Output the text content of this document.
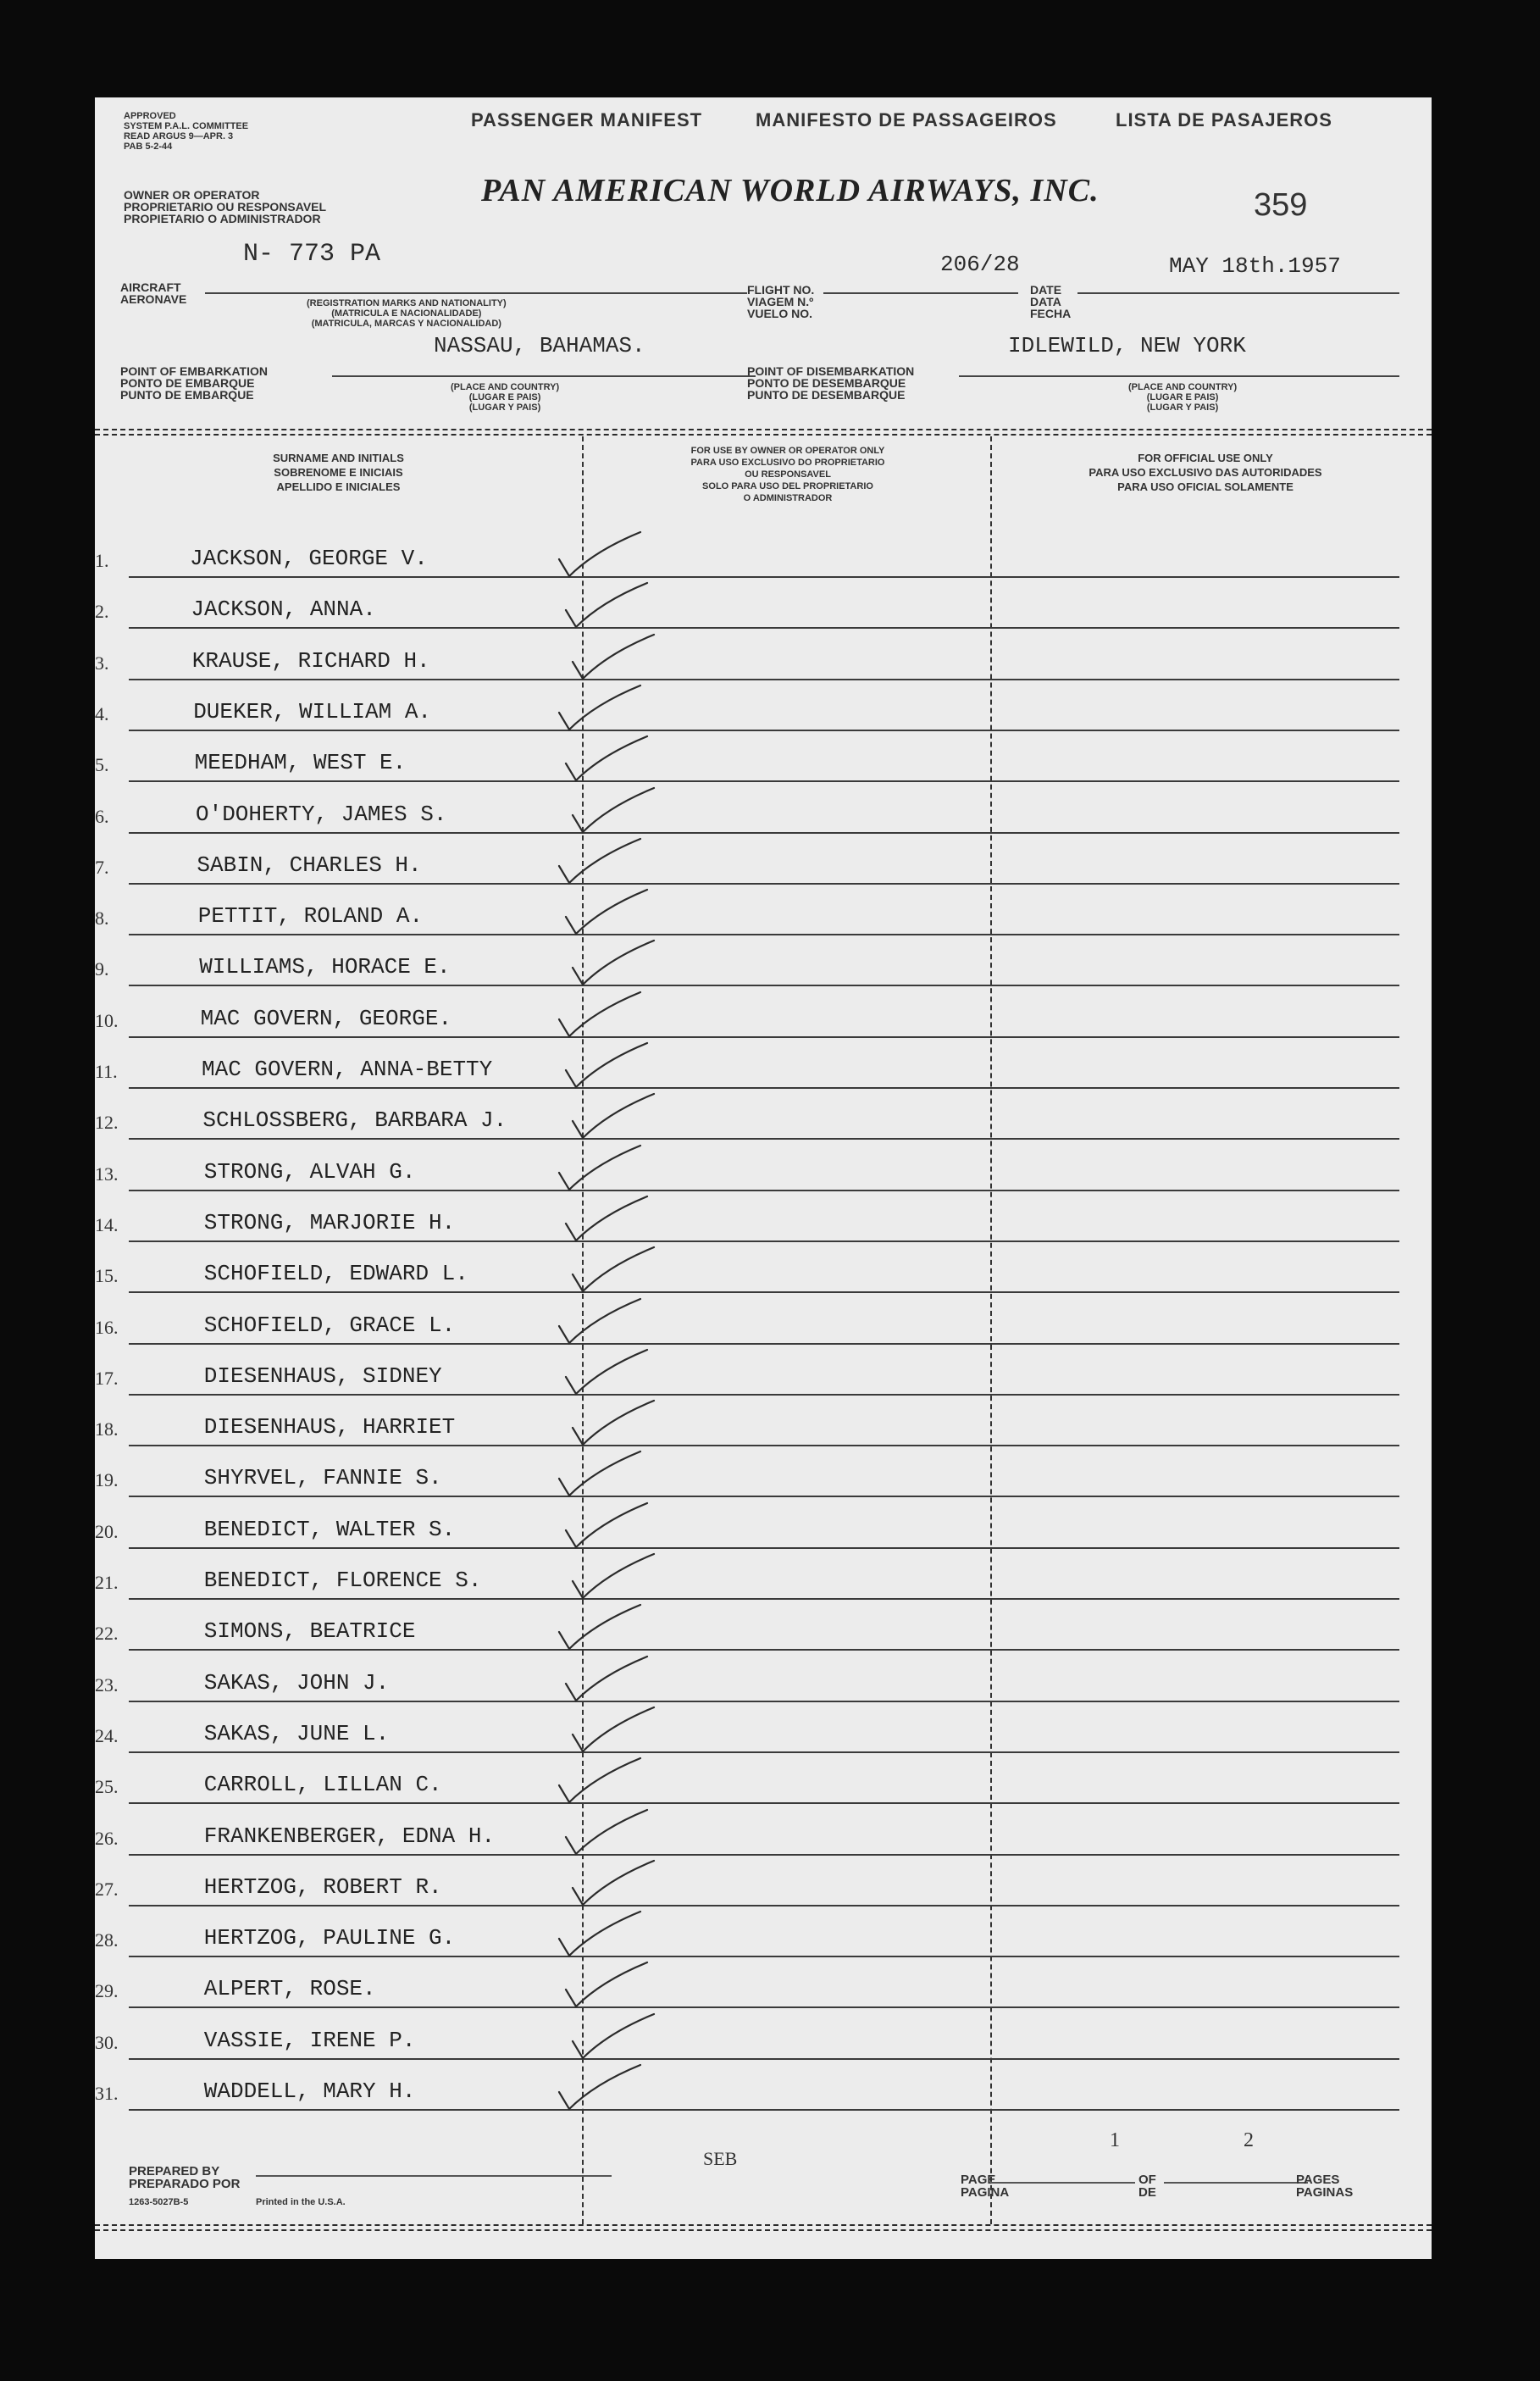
APPROVED
SYSTEM P.A.L. COMMITTEE
READ ARGUS 9—APR. 3
PAB 5-2-44
PASSENGER MANIFEST	MANIFESTO DE PASSAGEIROS	LISTA DE PASAJEROS
OWNER OR OPERATOR
PROPRIETARIO OU RESPONSAVEL
PROPIETARIO O ADMINISTRADOR
PAN AMERICAN WORLD AIRWAYS, INC.	359
AIRCRAFT
AERONAVE
N- 773 PA
(REGISTRATION MARKS AND NATIONALITY)
(MATRICULA E NACIONALIDADE)
(MATRICULA, MARCAS Y NACIONALIDAD)
FLIGHT NO.
VIAGEM N.º
VUELO NO.
206/28
DATE
DATA
FECHA
MAY 18th.1957
NASSAU, BAHAMAS.
POINT OF EMBARKATION
PONTO DE EMBARQUE
PUNTO DE EMBARQUE
(PLACE AND COUNTRY)
(LUGAR E PAIS)
(LUGAR Y PAIS)
IDLEWILD, NEW YORK
POINT OF DISEMBARKATION
PONTO DE DESEMBARQUE
PUNTO DE DESEMBARQUE
(PLACE AND COUNTRY)
(LUGAR E PAIS)
(LUGAR Y PAIS)
SURNAME AND INITIALS
SOBRENOME E INICIAIS
APELLIDO E INICIALES
FOR USE BY OWNER OR OPERATOR ONLY
PARA USO EXCLUSIVO DO PROPRIETARIO
OU RESPONSAVEL
SOLO PARA USO DEL PROPRIETARIO
O ADMINISTRADOR
FOR OFFICIAL USE ONLY
PARA USO EXCLUSIVO DAS AUTORIDADES
PARA USO OFICIAL SOLAMENTE
1.	JACKSON, GEORGE V.
2.	JACKSON, ANNA.
3.	KRAUSE, RICHARD H.
4.	DUEKER, WILLIAM A.
5.	MEEDHAM, WEST E.
6.	O'DOHERTY, JAMES S.
7.	SABIN, CHARLES H.
8.	PETTIT, ROLAND A.
9.	WILLIAMS, HORACE E.
10.	MAC GOVERN, GEORGE.
11.	MAC GOVERN, ANNA-BETTY
12.	SCHLOSSBERG, BARBARA J.
13.	STRONG, ALVAH G.
14.	STRONG, MARJORIE H.
15.	SCHOFIELD, EDWARD L.
16.	SCHOFIELD, GRACE L.
17.	DIESENHAUS, SIDNEY
18.	DIESENHAUS, HARRIET
19.	SHYRVEL, FANNIE S.
20.	BENEDICT, WALTER S.
21.	BENEDICT, FLORENCE S.
22.	SIMONS, BEATRICE
23.	SAKAS, JOHN J.
24.	SAKAS, JUNE L.
25.	CARROLL, LILLAN C.
26.	FRANKENBERGER, EDNA H.
27.	HERTZOG, ROBERT R.
28.	HERTZOG, PAULINE G.
29.	ALPERT, ROSE.
30.	VASSIE, IRENE P.
31.	WADDELL, MARY H.
PREPARED BY
PREPARADO POR
1263-5027B-5	Printed in the U.S.A.
SEB
PAGE
PAGINA
1
OF
DE
2
PAGES
PAGINAS
